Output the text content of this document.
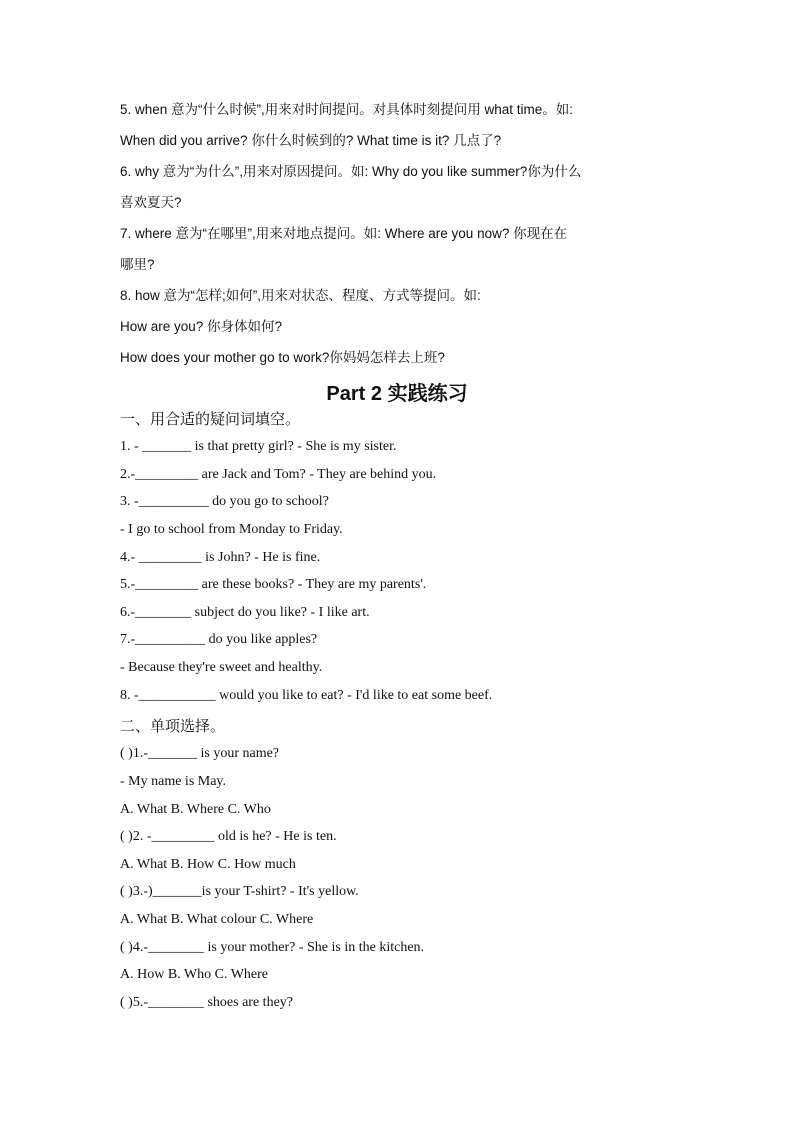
5. when 意为“什么时候”,用来对时间提问。对具体时刻提问用 what time。如:
When did you arrive? 你什么时候到的? What time is it? 几点了?
6. why 意为“为什么”,用来对原因提问。如: Why do you like summer?你为什么
喜欢夏天?
7. where 意为“在哪里”,用来对地点提问。如: Where are you now? 你现在在
哪里?
8. how 意为“怎样;如何”,用来对状态、程度、方式等提问。如:
How are you? 你身体如何?
How does your mother go to work?你妈妈怎样去上班?
Part 2 实践练习
一、用合适的疑问词填空。
1. - _______ is that pretty girl? - She is my sister.
2.-_________ are Jack and Tom? - They are behind you.
3. -__________ do you go to school?
- I go to school from Monday to Friday.
4.- _________ is John? - He is fine.
5.-_________ are these books? - They are my parents'.
6.-________ subject do you like? - I like art.
7.-__________ do you like apples?
- Because they're sweet and healthy.
8. -___________ would you like to eat? - I'd like to eat some beef.
二、单项选择。
( )1.-_______ is your name?
- My name is May.
A. What B. Where C. Who
( )2. -_________ old is he? - He is ten.
A. What B. How C. How much
( )3.-)_______is your T-shirt? - It's yellow.
A. What B. What colour C. Where
( )4.-________ is your mother? - She is in the kitchen.
A. How B. Who C. Where
( )5.-________ shoes are they?
